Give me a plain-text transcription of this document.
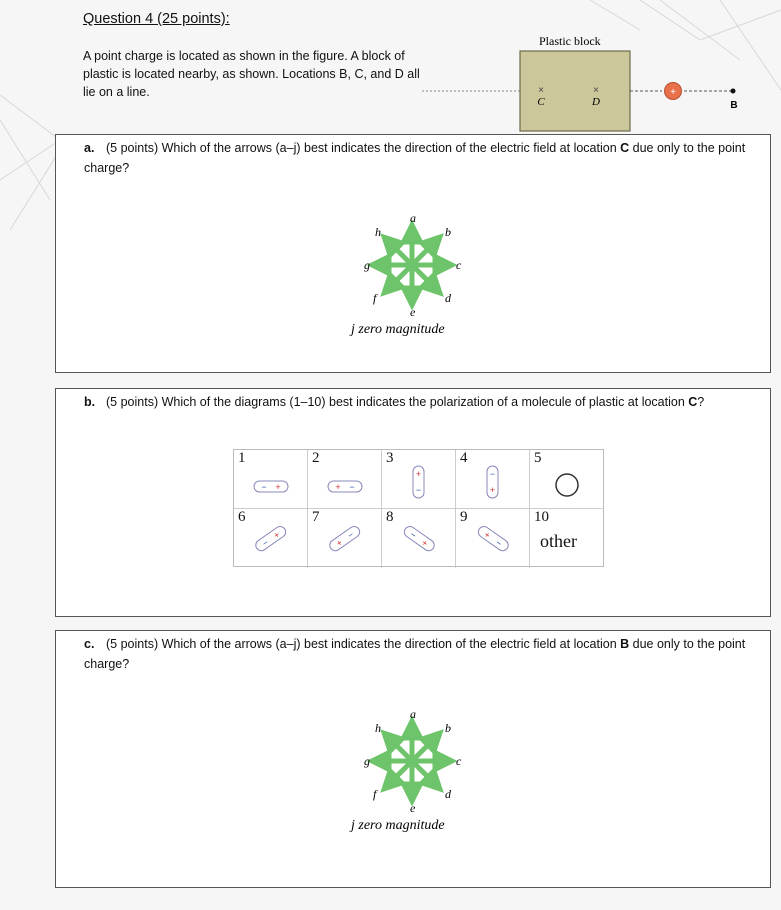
Question 4 (25 points):

A point charge is located as shown in the figure. A block of plastic is located nearby, as shown. Locations B, C, and D all lie on a line.

Plastic block
+
×
C
×
D	B

a. (5 points) Which of the arrows (a–j) best indicates the direction of the electric field at location C due only to the point charge?

a
b
c
d
e
f
g
h
j zero magnitude

b. (5 points) Which of the diagrams (1–10) best indicates the polarization of a molecule of plastic at location C?

1
− +
2
+ −
3
+
−
4
−
+
5
6
−
+
7
+
−
8
−
+
9
+
−
10
other

c. (5 points) Which of the arrows (a–j) best indicates the direction of the electric field at location B due only to the point charge?

a
b
c
d
e
f
g
h
j zero magnitude
